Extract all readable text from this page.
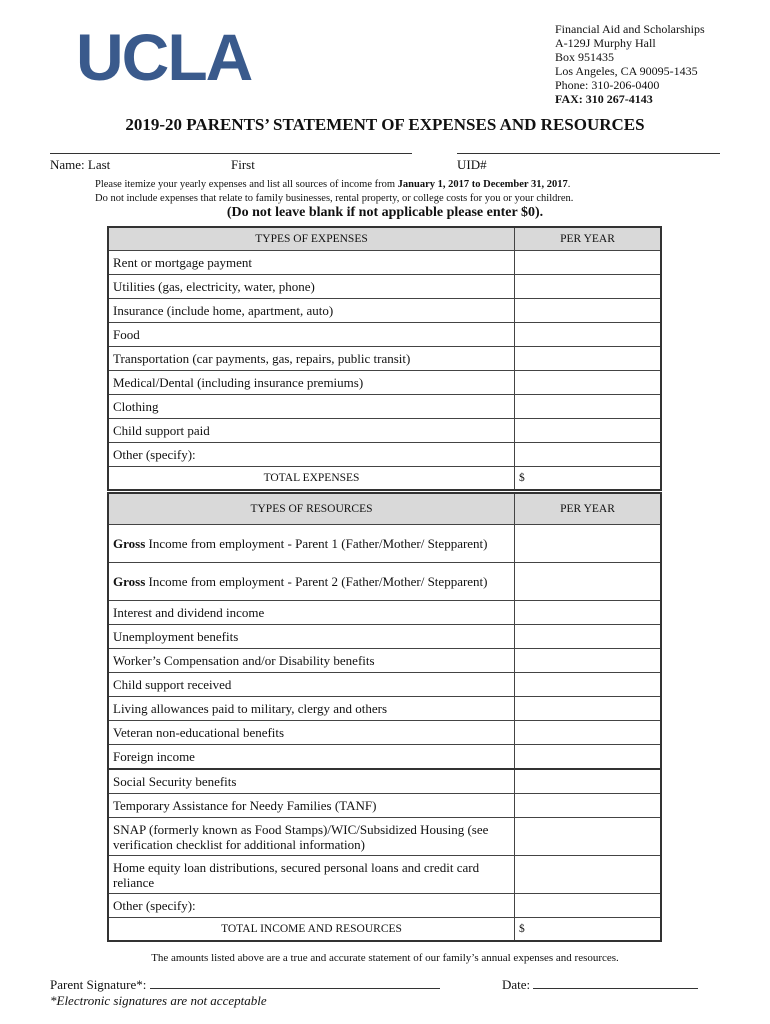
UCLA	Financial Aid and Scholarships
A-129J Murphy Hall
Box 951435
Los Angeles, CA 90095-1435
Phone: 310-206-0400
FAX: 310 267-4143
2019-20 PARENTS’ STATEMENT OF EXPENSES AND RESOURCES
Name: Last	First	UID#
Please itemize your yearly expenses and list all sources of income from January 1, 2017 to December 31, 2017.
Do not include expenses that relate to family businesses, rental property, or college costs for you or your children.
(Do not leave blank if not applicable please enter $0).
TYPES OF EXPENSES	PER YEAR
Rent or mortgage payment	
Utilities (gas, electricity, water, phone)	
Insurance (include home, apartment, auto)	
Food	
Transportation (car payments, gas, repairs, public transit)	
Medical/Dental (including insurance premiums)	
Clothing	
Child support paid	
Other (specify):	
TOTAL EXPENSES	$
TYPES OF RESOURCES	PER YEAR
Gross Income from employment - Parent 1 (Father/Mother/ Stepparent)	
Gross Income from employment - Parent 2 (Father/Mother/ Stepparent)	
Interest and dividend income	
Unemployment benefits	
Worker’s Compensation and/or Disability benefits	
Child support received	
Living allowances paid to military, clergy and others	
Veteran non-educational benefits	
Foreign income	
Social Security benefits	
Temporary Assistance for Needy Families (TANF)	
SNAP (formerly known as Food Stamps)/WIC/Subsidized Housing (see verification checklist for additional information)	
Home equity loan distributions, secured personal loans and credit card reliance	
Other (specify):	
TOTAL INCOME AND RESOURCES	$
The amounts listed above are a true and accurate statement of our family’s annual expenses and resources.
Parent Signature*:	Date:
*Electronic signatures are not acceptable
